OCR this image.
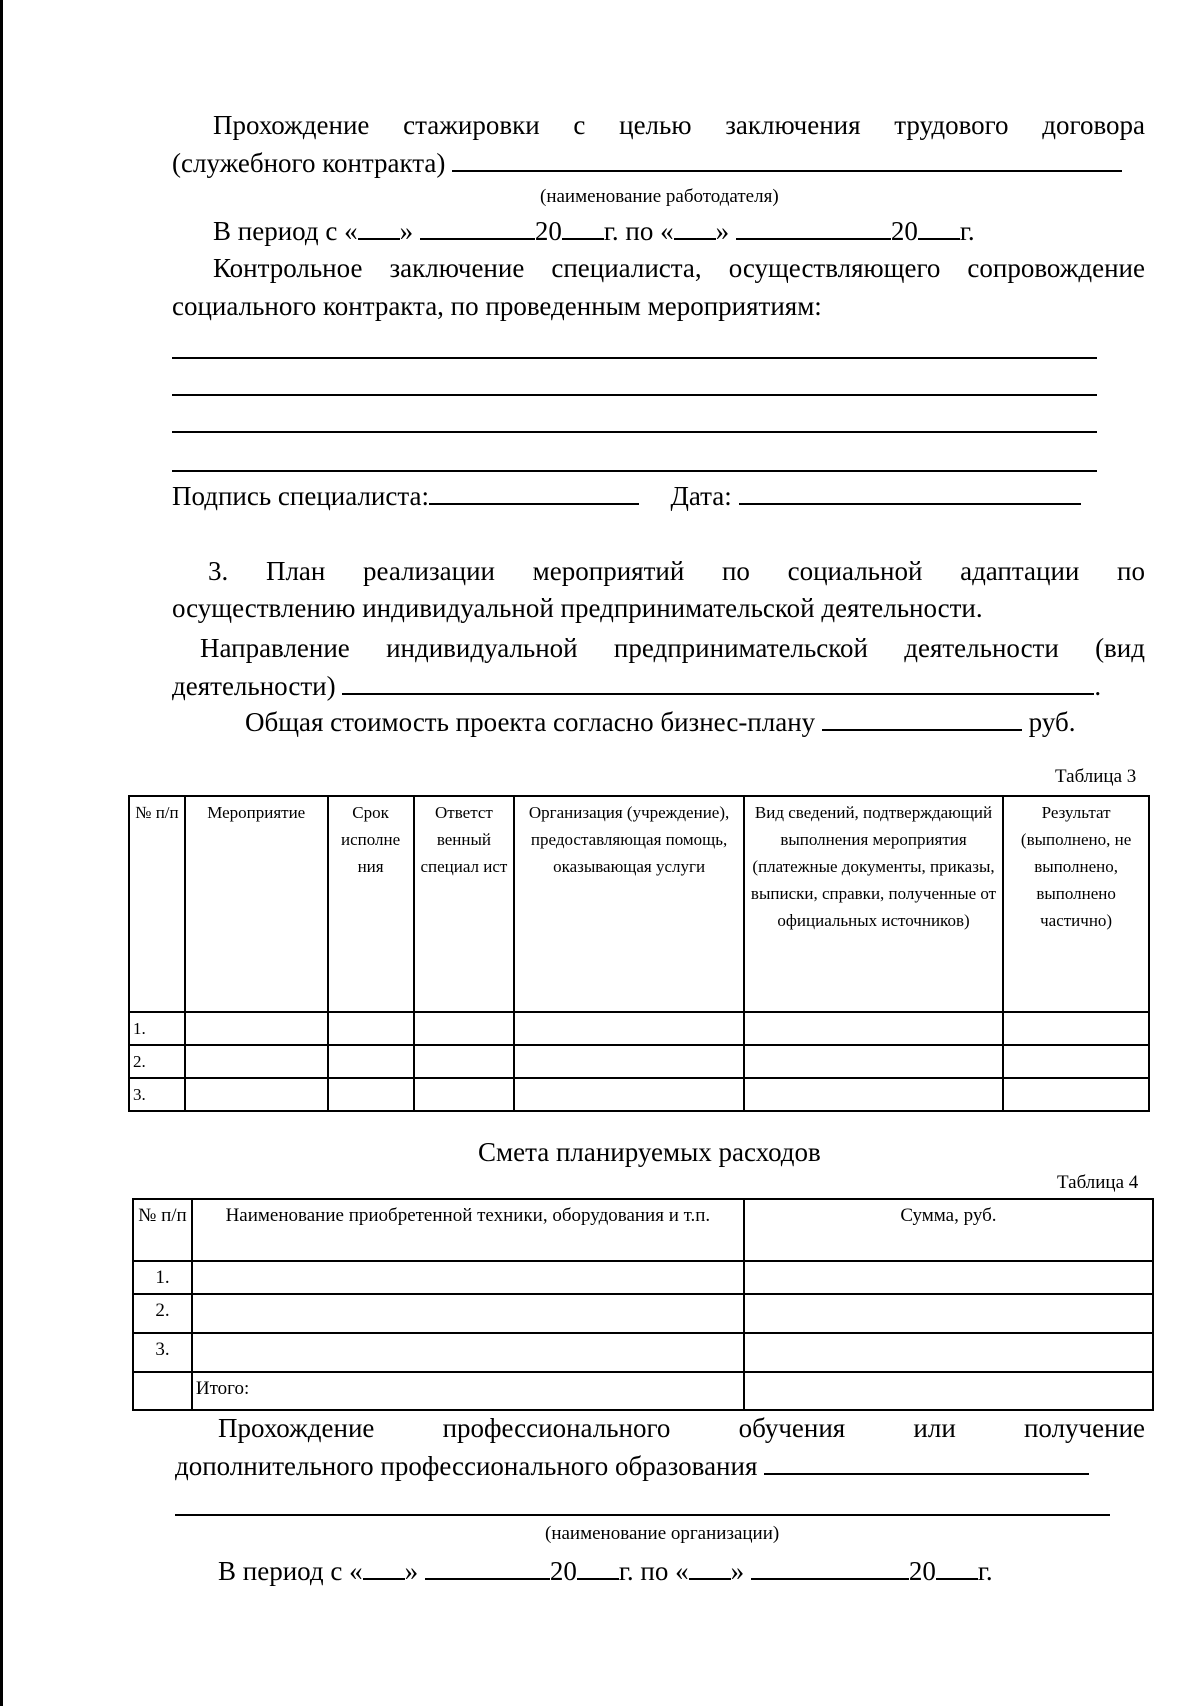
Прохождение стажировки с целью заключения трудового договора
(служебного контракта)
(наименование работодателя)
В период с « »	20 г. по « »	20 г.
Контрольное заключение специалиста, осуществляющего сопровождение
социального контракта, по проведенным мероприятиям:
Подпись специалиста:	Дата:
3. План реализации мероприятий по социальной адаптации по
осуществлению индивидуальной предпринимательской деятельности.
Направление индивидуальной предпринимательской деятельности (вид
деятельности)	.
Общая стоимость проекта согласно бизнес-плану	руб.
Таблица 3
№ п/п	Мероприятие	Срок исполне ния	Ответст венный специал ист	Организация (учреждение), предоставляющая помощь, оказывающая услуги	Вид сведений, подтверждающий выполнения мероприятия (платежные документы, приказы, выписки, справки, полученные от официальных источников)	Результат (выполнено, не выполнено, выполнено частично)
1.						
2.						
3.						
Смета планируемых расходов
Таблица 4
№ п/п	Наименование приобретенной техники, оборудования и т.п.	Сумма, руб.
1.		
2.		
3.		
	Итого:	
Прохождение профессионального обучения или получение
дополнительного профессионального образования
(наименование организации)
В период с « »	20 г. по « »	20 г.
